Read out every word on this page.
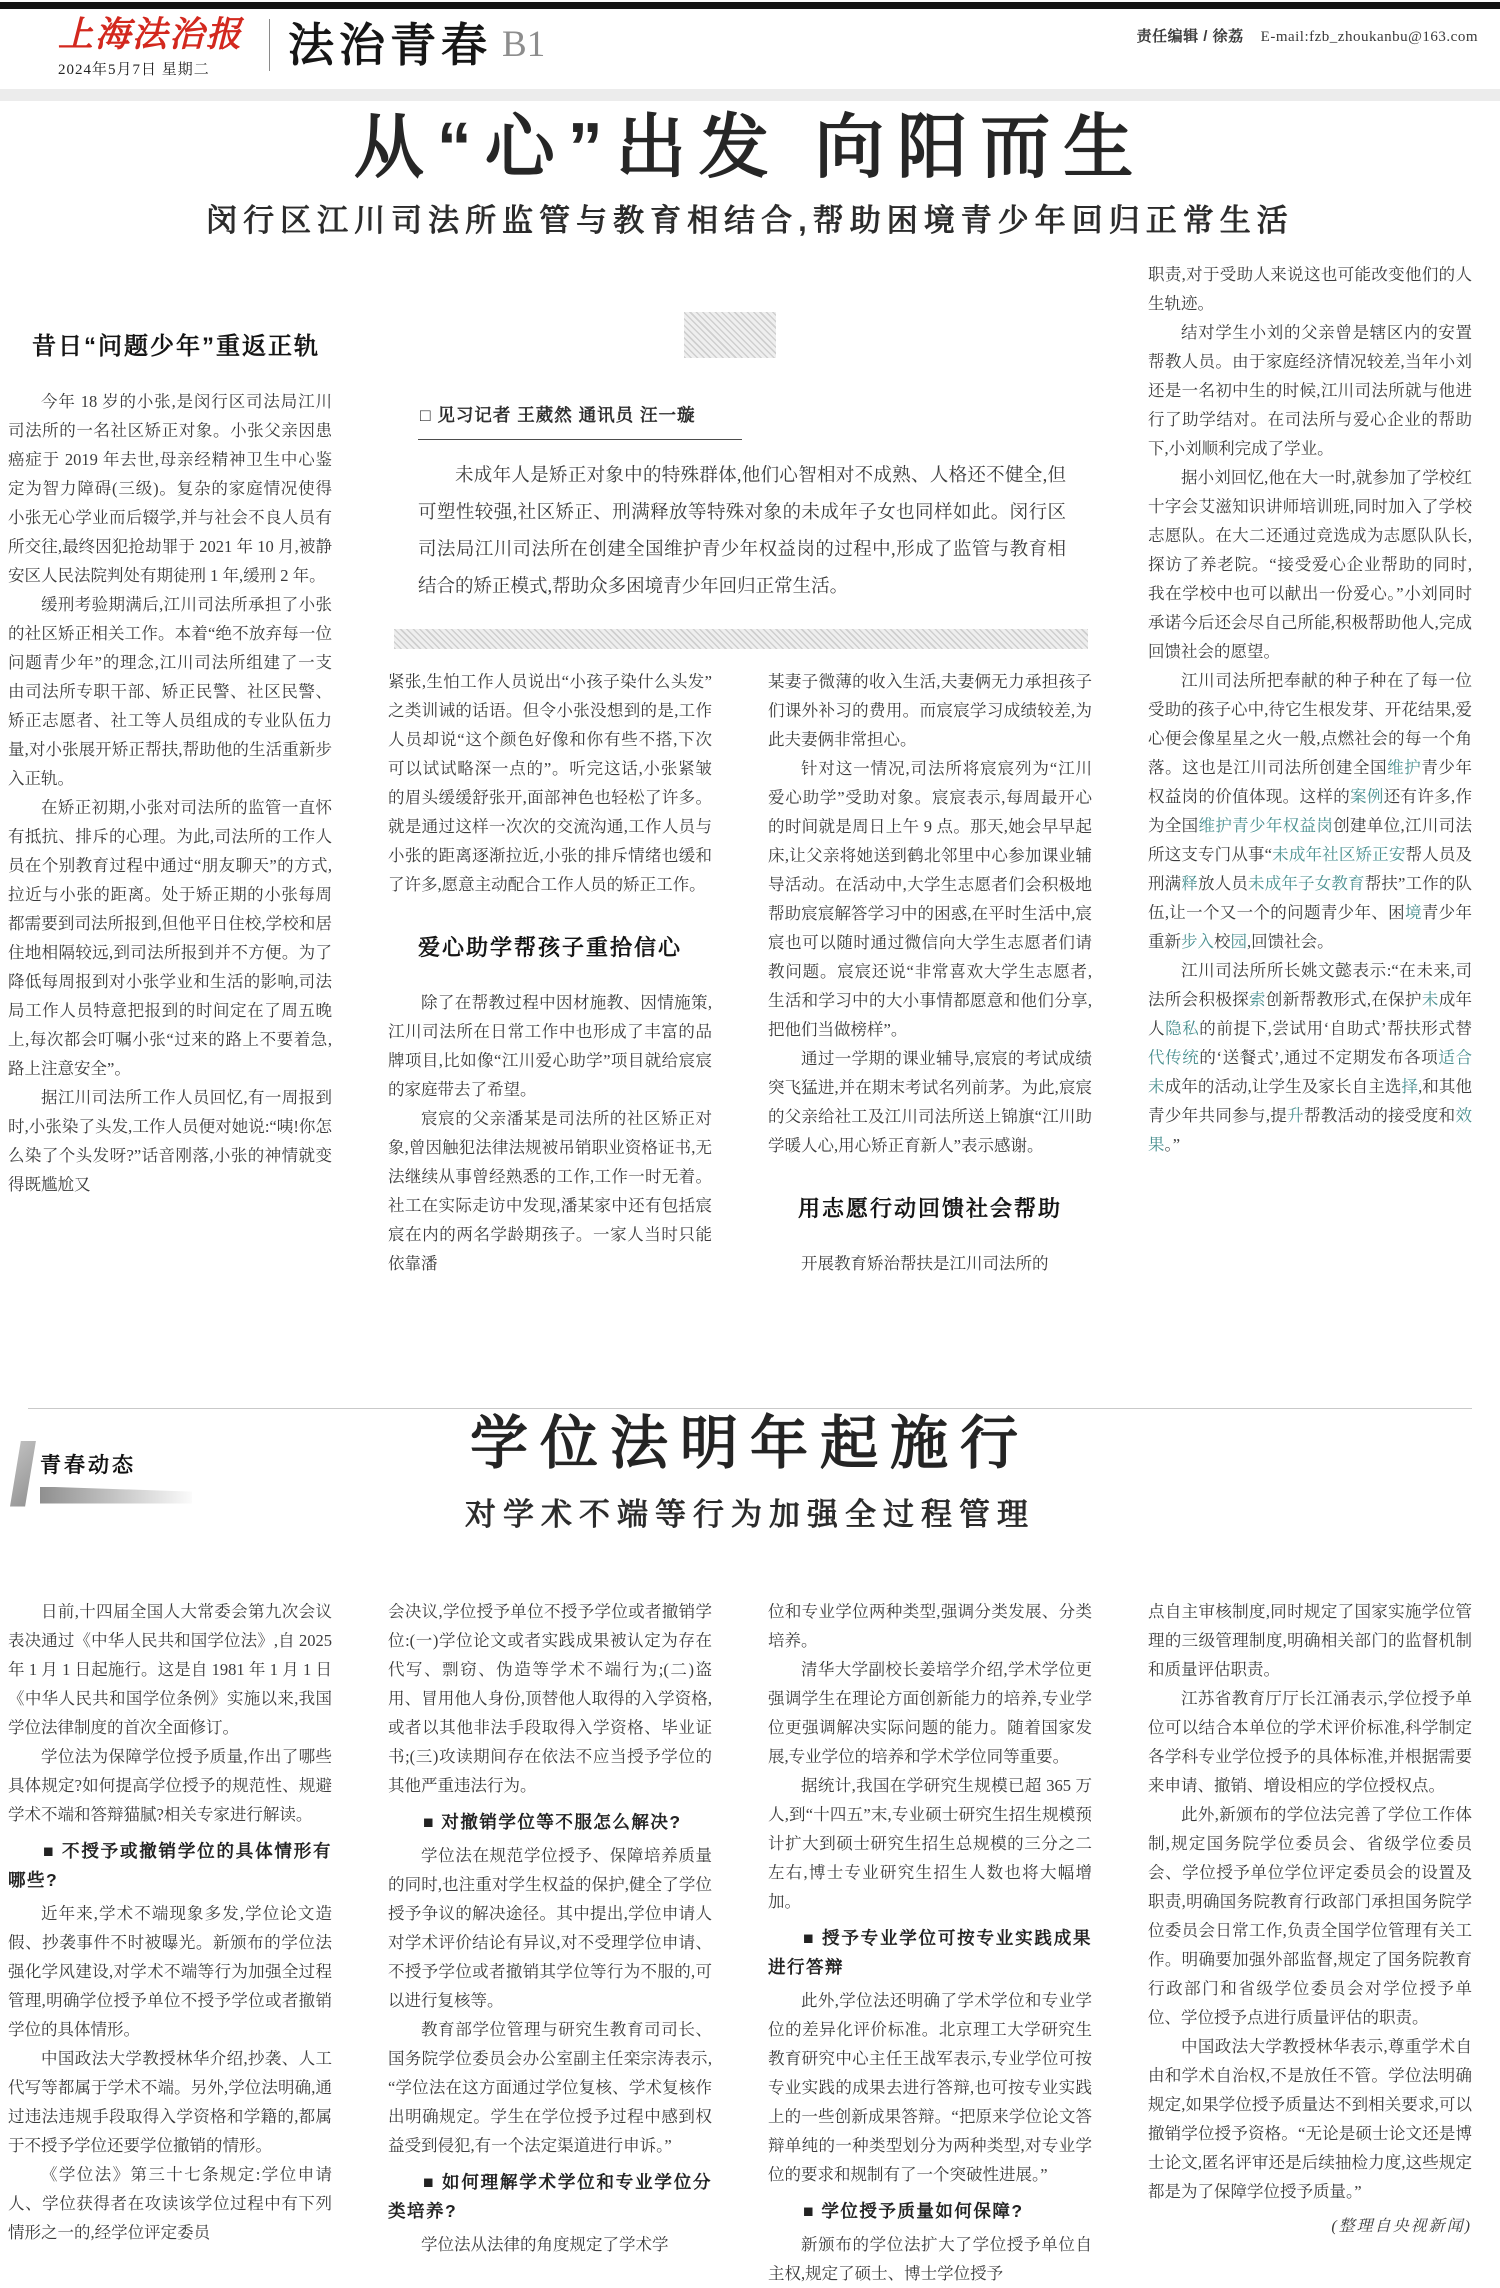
上海法治报
2024年5月7日 星期二	法治青春 B1	责任编辑 / 徐荔 E-mail:fzb_zhoukanbu@163.com
从“心”出发 向阳而生
闵行区江川司法所监管与教育相结合,帮助困境青少年回归正常生活
昔日“问题少年”重返正轨

今年 18 岁的小张,是闵行区司法局江川司法所的一名社区矫正对象。小张父亲因患癌症于 2019 年去世,母亲经精神卫生中心鉴定为智力障碍(三级)。复杂的家庭情况使得小张无心学业而后辍学,并与社会不良人员有所交往,最终因犯抢劫罪于 2021 年 10 月,被静安区人民法院判处有期徒刑 1 年,缓刑 2 年。

缓刑考验期满后,江川司法所承担了小张的社区矫正相关工作。本着“绝不放弃每一位问题青少年”的理念,江川司法所组建了一支由司法所专职干部、矫正民警、社区民警、矫正志愿者、社工等人员组成的专业队伍力量,对小张展开矫正帮扶,帮助他的生活重新步入正轨。

在矫正初期,小张对司法所的监管一直怀有抵抗、排斥的心理。为此,司法所的工作人员在个别教育过程中通过“朋友聊天”的方式,拉近与小张的距离。处于矫正期的小张每周都需要到司法所报到,但他平日住校,学校和居住地相隔较远,到司法所报到并不方便。为了降低每周报到对小张学业和生活的影响,司法局工作人员特意把报到的时间定在了周五晚上,每次都会叮嘱小张“过来的路上不要着急,路上注意安全”。

据江川司法所工作人员回忆,有一周报到时,小张染了头发,工作人员便对她说:“咦!你怎么染了个头发呀?”话音刚落,小张的神情就变得既尴尬又

□ 见习记者 王葳然 通讯员 汪一璇

未成年人是矫正对象中的特殊群体,他们心智相对不成熟、人格还不健全,但可塑性较强,社区矫正、刑满释放等特殊对象的未成年子女也同样如此。闵行区司法局江川司法所在创建全国维护青少年权益岗的过程中,形成了监管与教育相结合的矫正模式,帮助众多困境青少年回归正常生活。

紧张,生怕工作人员说出“小孩子染什么头发”之类训诫的话语。但令小张没想到的是,工作人员却说“这个颜色好像和你有些不搭,下次可以试试略深一点的”。听完这话,小张紧皱的眉头缓缓舒张开,面部神色也轻松了许多。就是通过这样一次次的交流沟通,工作人员与小张的距离逐渐拉近,小张的排斥情绪也缓和了许多,愿意主动配合工作人员的矫正工作。

爱心助学帮孩子重拾信心

除了在帮教过程中因材施教、因情施策,江川司法所在日常工作中也形成了丰富的品牌项目,比如像“江川爱心助学”项目就给宸宸的家庭带去了希望。

宸宸的父亲潘某是司法所的社区矫正对象,曾因触犯法律法规被吊销职业资格证书,无法继续从事曾经熟悉的工作,工作一时无着。社工在实际走访中发现,潘某家中还有包括宸宸在内的两名学龄期孩子。一家人当时只能依靠潘

某妻子微薄的收入生活,夫妻俩无力承担孩子们课外补习的费用。而宸宸学习成绩较差,为此夫妻俩非常担心。

针对这一情况,司法所将宸宸列为“江川爱心助学”受助对象。宸宸表示,每周最开心的时间就是周日上午 9 点。那天,她会早早起床,让父亲将她送到鹤北邻里中心参加课业辅导活动。在活动中,大学生志愿者们会积极地帮助宸宸解答学习中的困惑,在平时生活中,宸宸也可以随时通过微信向大学生志愿者们请教问题。宸宸还说“非常喜欢大学生志愿者,生活和学习中的大小事情都愿意和他们分享,把他们当做榜样”。

通过一学期的课业辅导,宸宸的考试成绩突飞猛进,并在期末考试名列前茅。为此,宸宸的父亲给社工及江川司法所送上锦旗“江川助学暖人心,用心矫正育新人”表示感谢。

用志愿行动回馈社会帮助

开展教育矫治帮扶是江川司法所的

职责,对于受助人来说这也可能改变他们的人生轨迹。

结对学生小刘的父亲曾是辖区内的安置帮教人员。由于家庭经济情况较差,当年小刘还是一名初中生的时候,江川司法所就与他进行了助学结对。在司法所与爱心企业的帮助下,小刘顺利完成了学业。

据小刘回忆,他在大一时,就参加了学校红十字会艾滋知识讲师培训班,同时加入了学校志愿队。在大二还通过竞选成为志愿队队长,探访了养老院。“接受爱心企业帮助的同时,我在学校中也可以献出一份爱心。”小刘同时承诺今后还会尽自己所能,积极帮助他人,完成回馈社会的愿望。

江川司法所把奉献的种子种在了每一位受助的孩子心中,待它生根发芽、开花结果,爱心便会像星星之火一般,点燃社会的每一个角落。这也是江川司法所创建全国维护青少年权益岗的价值体现。这样的案例还有许多,作为全国维护青少年权益岗创建单位,江川司法所这支专门从事“未成年社区矫正安帮人员及刑满释放人员未成年子女教育帮扶”工作的队伍,让一个又一个的问题青少年、困境青少年重新步入校园,回馈社会。

江川司法所所长姚文懿表示:“在未来,司法所会积极探索创新帮教形式,在保护未成年人隐私的前提下,尝试用‘自助式’帮扶形式替代传统的‘送餐式’,通过不定期发布各项适合未成年的活动,让学生及家长自主选择,和其他青少年共同参与,提升帮教活动的接受度和效果。”

青春动态	学位法明年起施行
对学术不端等行为加强全过程管理

日前,十四届全国人大常委会第九次会议表决通过《中华人民共和国学位法》,自 2025 年 1 月 1 日起施行。这是自 1981 年 1 月 1 日《中华人民共和国学位条例》实施以来,我国学位法律制度的首次全面修订。

学位法为保障学位授予质量,作出了哪些具体规定?如何提高学位授予的规范性、规避学术不端和答辩猫腻?相关专家进行解读。

■ 不授予或撤销学位的具体情形有哪些?

近年来,学术不端现象多发,学位论文造假、抄袭事件不时被曝光。新颁布的学位法强化学风建设,对学术不端等行为加强全过程管理,明确学位授予单位不授予学位或者撤销学位的具体情形。

中国政法大学教授林华介绍,抄袭、人工代写等都属于学术不端。另外,学位法明确,通过违法违规手段取得入学资格和学籍的,都属于不授予学位还要学位撤销的情形。

《学位法》第三十七条规定:学位申请人、学位获得者在攻读该学位过程中有下列情形之一的,经学位评定委员

会决议,学位授予单位不授予学位或者撤销学位:(一)学位论文或者实践成果被认定为存在代写、剽窃、伪造等学术不端行为;(二)盗用、冒用他人身份,顶替他人取得的入学资格,或者以其他非法手段取得入学资格、毕业证书;(三)攻读期间存在依法不应当授予学位的其他严重违法行为。

■ 对撤销学位等不服怎么解决?

学位法在规范学位授予、保障培养质量的同时,也注重对学生权益的保护,健全了学位授予争议的解决途径。其中提出,学位申请人对学术评价结论有异议,对不受理学位申请、不授予学位或者撤销其学位等行为不服的,可以进行复核等。

教育部学位管理与研究生教育司司长、国务院学位委员会办公室副主任栾宗涛表示,“学位法在这方面通过学位复核、学术复核作出明确规定。学生在学位授予过程中感到权益受到侵犯,有一个法定渠道进行申诉。”

■ 如何理解学术学位和专业学位分类培养?

学位法从法律的角度规定了学术学

位和专业学位两种类型,强调分类发展、分类培养。

清华大学副校长姜培学介绍,学术学位更强调学生在理论方面创新能力的培养,专业学位更强调解决实际问题的能力。随着国家发展,专业学位的培养和学术学位同等重要。

据统计,我国在学研究生规模已超 365 万人,到“十四五”末,专业硕士研究生招生规模预计扩大到硕士研究生招生总规模的三分之二左右,博士专业研究生招生人数也将大幅增加。

■ 授予专业学位可按专业实践成果进行答辩

此外,学位法还明确了学术学位和专业学位的差异化评价标准。北京理工大学研究生教育研究中心主任王战军表示,专业学位可按专业实践的成果去进行答辩,也可按专业实践上的一些创新成果答辩。“把原来学位论文答辩单纯的一种类型划分为两种类型,对专业学位的要求和规制有了一个突破性进展。”

■ 学位授予质量如何保障?

新颁布的学位法扩大了学位授予单位自主权,规定了硕士、博士学位授予

点自主审核制度,同时规定了国家实施学位管理的三级管理制度,明确相关部门的监督机制和质量评估职责。

江苏省教育厅厅长江涌表示,学位授予单位可以结合本单位的学术评价标准,科学制定各学科专业学位授予的具体标准,并根据需要来申请、撤销、增设相应的学位授权点。

此外,新颁布的学位法完善了学位工作体制,规定国务院学位委员会、省级学位委员会、学位授予单位学位评定委员会的设置及职责,明确国务院教育行政部门承担国务院学位委员会日常工作,负责全国学位管理有关工作。明确要加强外部监督,规定了国务院教育行政部门和省级学位委员会对学位授予单位、学位授予点进行质量评估的职责。

中国政法大学教授林华表示,尊重学术自由和学术自治权,不是放任不管。学位法明确规定,如果学位授予质量达不到相关要求,可以撤销学位授予资格。“无论是硕士论文还是博士论文,匿名评审还是后续抽检力度,这些规定都是为了保障学位授予质量。”

(整理自央视新闻)
